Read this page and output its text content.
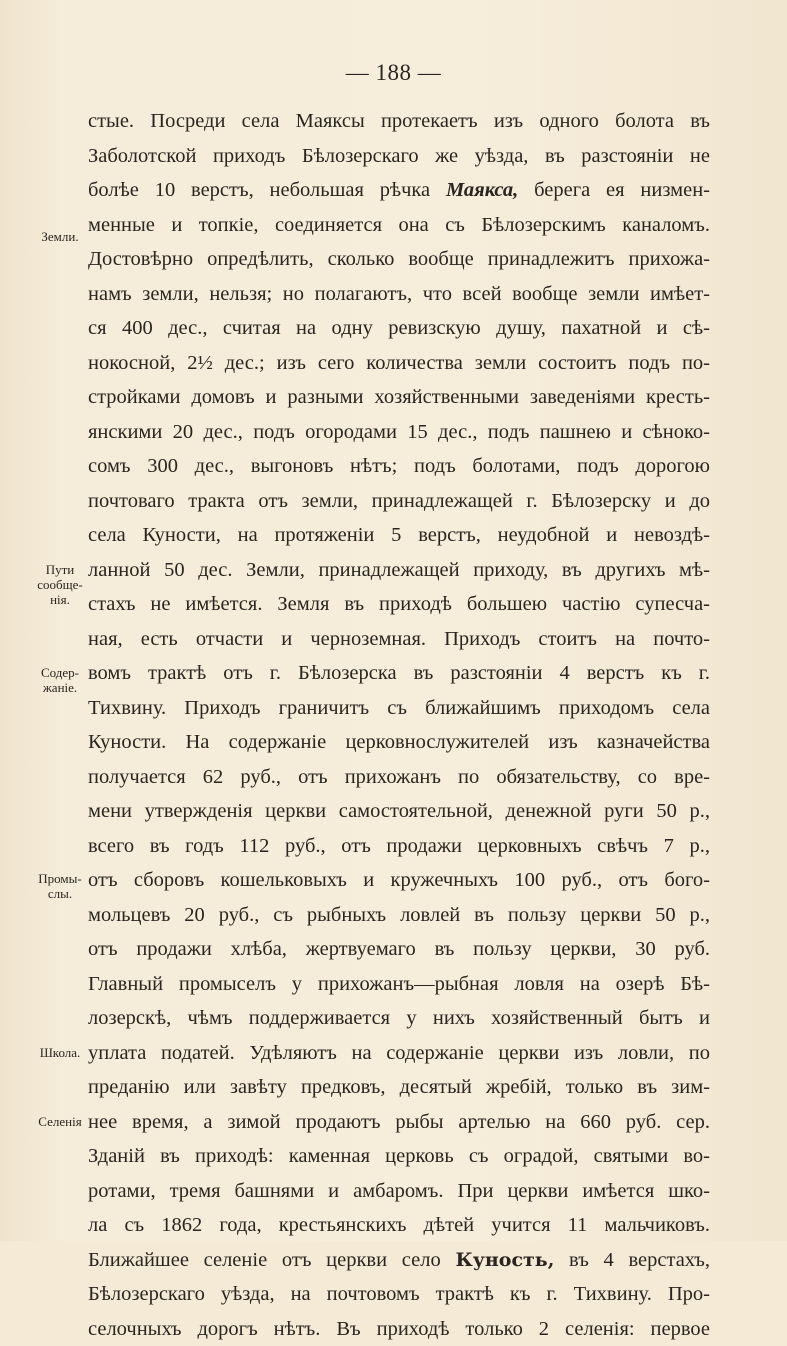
— 188 —
Земли.
Пути сообще-нія.
Содер-жаніе.
Промы-слы.
Школа.
Селенія
стые. Посреди села Маяксы протекаетъ изъ одного болота въ
Заболотской приходъ Бѣлозерскаго же уѣзда, въ разстояніи не
болѣе 10 верстъ, небольшая рѣчка Маякса, берега ея низмен-
менные и топкіе, соединяется она съ Бѣлозерскимъ каналомъ.
Достовѣрно опредѣлить, сколько вообще принадлежитъ прихожа-
намъ земли, нельзя; но полагаютъ, что всей вообще земли имѣет-
ся 400 дес., считая на одну ревизскую душу, пахатной и сѣ-
нокосной, 2½ дес.; изъ сего количества земли состоитъ подъ по-
стройками домовъ и разными хозяйственными заведеніями кресть-
янскими 20 дес., подъ огородами 15 дес., подъ пашнею и сѣноко-
сомъ 300 дес., выгоновъ нѣтъ; подъ болотами, подъ дорогою
почтоваго тракта отъ земли, принадлежащей г. Бѣлозерску и до
села Куности, на протяженіи 5 верстъ, неудобной и невоздѣ-
ланной 50 дес. Земли, принадлежащей приходу, въ другихъ мѣ-
стахъ не имѣется. Земля въ приходѣ большею частію супесча-
ная, есть отчасти и черноземная. Приходъ стоитъ на почто-
вомъ трактѣ отъ г. Бѣлозерска въ разстояніи 4 верстъ къ г.
Тихвину. Приходъ граничитъ съ ближайшимъ приходомъ села
Куности. На содержаніе церковнослужителей изъ казначейства
получается 62 руб., отъ прихожанъ по обязательству, со вре-
мени утвержденія церкви самостоятельной, денежной руги 50 р.,
всего въ годъ 112 руб., отъ продажи церковныхъ свѣчъ 7 р.,
отъ сборовъ кошельковыхъ и кружечныхъ 100 руб., отъ бого-
мольцевъ 20 руб., съ рыбныхъ ловлей въ пользу церкви 50 р.,
отъ продажи хлѣба, жертвуемаго въ пользу церкви, 30 руб.
Главный промыселъ у прихожанъ—рыбная ловля на озерѣ Бѣ-
лозерскѣ, чѣмъ поддерживается у нихъ хозяйственный бытъ и
уплата податей. Удѣляютъ на содержаніе церкви изъ ловли, по
преданію или завѣту предковъ, десятый жребій, только въ зим-
нее время, а зимой продаютъ рыбы артелью на 660 руб. сер.
Зданій въ приходѣ: каменная церковь съ оградой, святыми во-
ротами, тремя башнями и амбаромъ. При церкви имѣется шко-
ла съ 1862 года, крестьянскихъ дѣтей учится 11 мальчиковъ.
Ближайшее селеніе отъ церкви село Куность, въ 4 верстахъ,
Бѣлозерскаго уѣзда, на почтовомъ трактѣ къ г. Тихвину. Про-
селочныхъ дорогъ нѣтъ. Въ приходѣ только 2 селенія: первое
